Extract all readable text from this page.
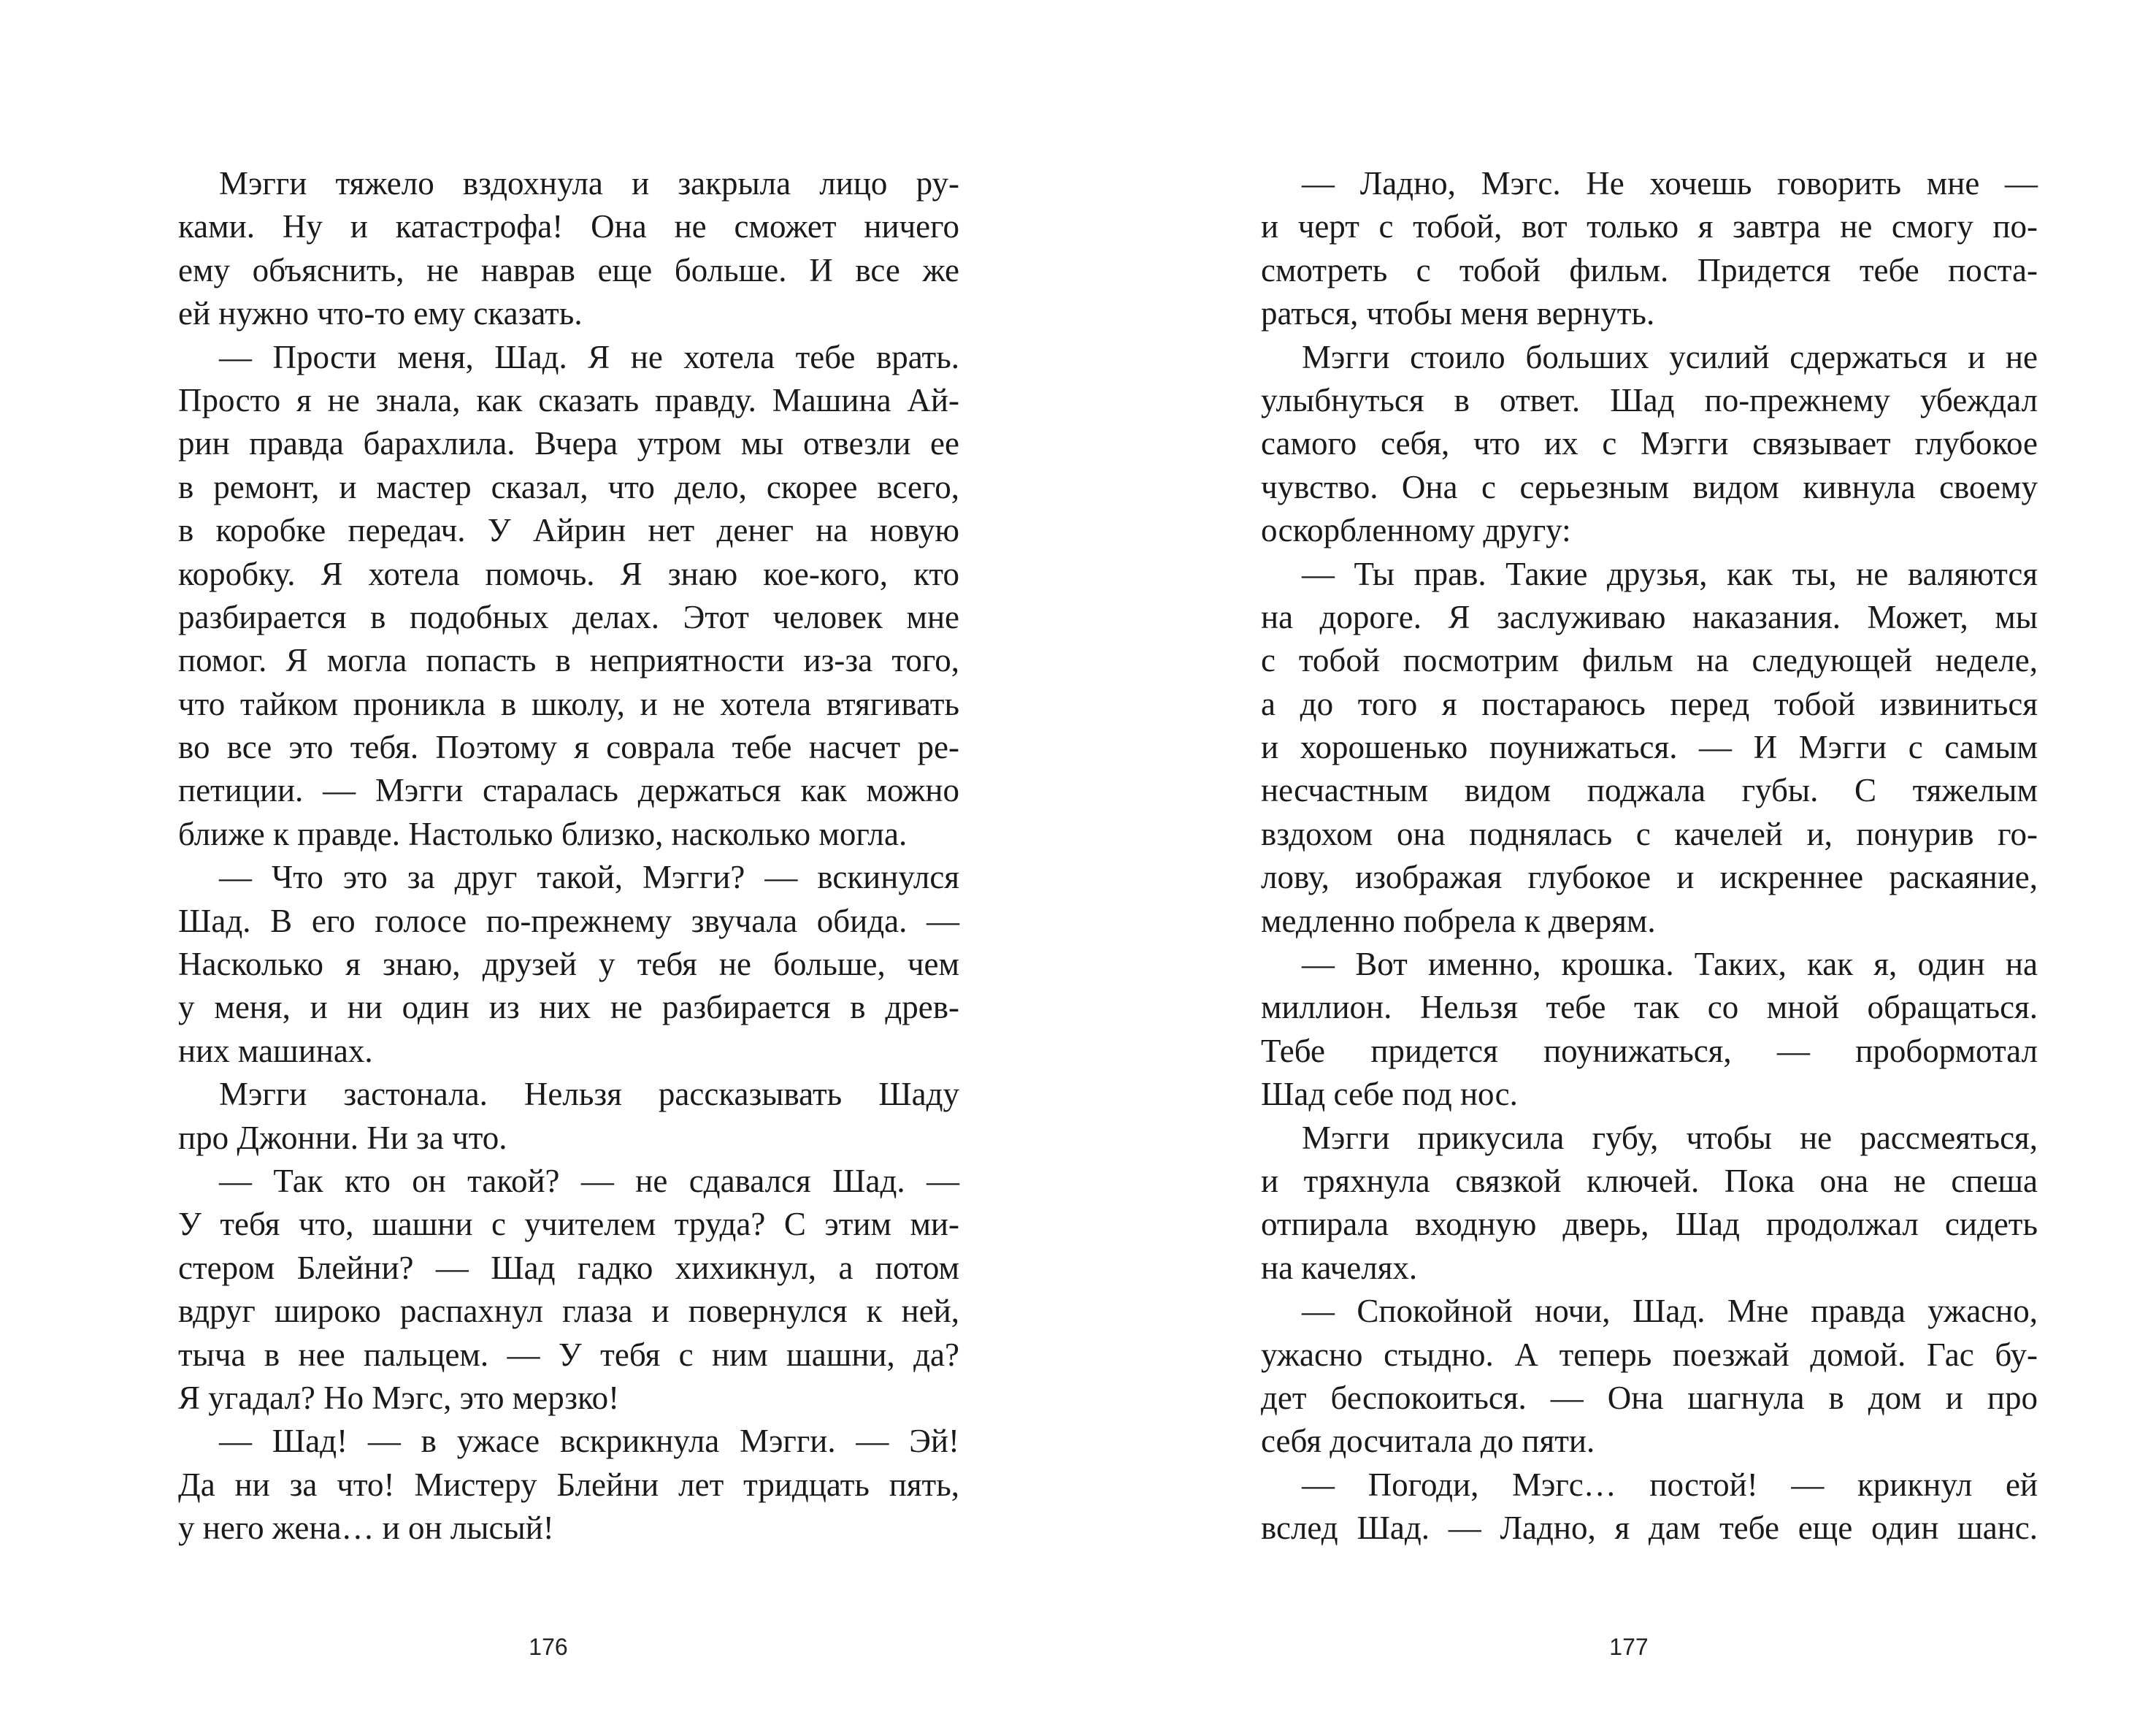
Мэгги тяжело вздохнула и закрыла лицо ру-
ками. Ну и катастрофа! Она не сможет ничего
ему объяснить, не наврав еще больше. И все же
ей нужно что-то ему сказать.
— Прости меня, Шад. Я не хотела тебе врать.
Просто я не знала, как сказать правду. Машина Ай-
рин правда барахлила. Вчера утром мы отвезли ее
в ремонт, и мастер сказал, что дело, скорее всего,
в коробке передач. У Айрин нет денег на новую
коробку. Я хотела помочь. Я знаю кое-кого, кто
разбирается в подобных делах. Этот человек мне
помог. Я могла попасть в неприятности из-за того,
что тайком проникла в школу, и не хотела втягивать
во все это тебя. Поэтому я соврала тебе насчет ре-
петиции. — Мэгги старалась держаться как можно
ближе к правде. Настолько близко, насколько могла.
— Что это за друг такой, Мэгги? — вскинулся
Шад. В его голосе по-прежнему звучала обида. —
Насколько я знаю, друзей у тебя не больше, чем
у меня, и ни один из них не разбирается в древ-
них машинах.
Мэгги застонала. Нельзя рассказывать Шаду
про Джонни. Ни за что.
— Так кто он такой? — не сдавался Шад. —
У тебя что, шашни с учителем труда? С этим ми-
стером Блейни? — Шад гадко хихикнул, а потом
вдруг широко распахнул глаза и повернулся к ней,
тыча в нее пальцем. — У тебя с ним шашни, да?
Я угадал? Но Мэгс, это мерзко!
— Шад! — в ужасе вскрикнула Мэгги. — Эй!
Да ни за что! Мистеру Блейни лет тридцать пять,
у него жена… и он лысый!
176
— Ладно, Мэгс. Не хочешь говорить мне —
и черт с тобой, вот только я завтра не смогу по-
смотреть с тобой фильм. Придется тебе поста-
раться, чтобы меня вернуть.
Мэгги стоило больших усилий сдержаться и не
улыбнуться в ответ. Шад по-прежнему убеждал
самого себя, что их с Мэгги связывает глубокое
чувство. Она с серьезным видом кивнула своему
оскорбленному другу:
— Ты прав. Такие друзья, как ты, не валяются
на дороге. Я заслуживаю наказания. Может, мы
с тобой посмотрим фильм на следующей неделе,
а до того я постараюсь перед тобой извиниться
и хорошенько поунижаться. — И Мэгги с самым
несчастным видом поджала губы. С тяжелым
вздохом она поднялась с качелей и, понурив го-
лову, изображая глубокое и искреннее раскаяние,
медленно побрела к дверям.
— Вот именно, крошка. Таких, как я, один на
миллион. Нельзя тебе так со мной обращаться.
Тебе придется поунижаться, — пробормотал
Шад себе под нос.
Мэгги прикусила губу, чтобы не рассмеяться,
и тряхнула связкой ключей. Пока она не спеша
отпирала входную дверь, Шад продолжал сидеть
на качелях.
— Спокойной ночи, Шад. Мне правда ужасно,
ужасно стыдно. А теперь поезжай домой. Гас бу-
дет беспокоиться. — Она шагнула в дом и про
себя досчитала до пяти.
— Погоди, Мэгс… постой! — крикнул ей
вслед Шад. — Ладно, я дам тебе еще один шанс.
177
